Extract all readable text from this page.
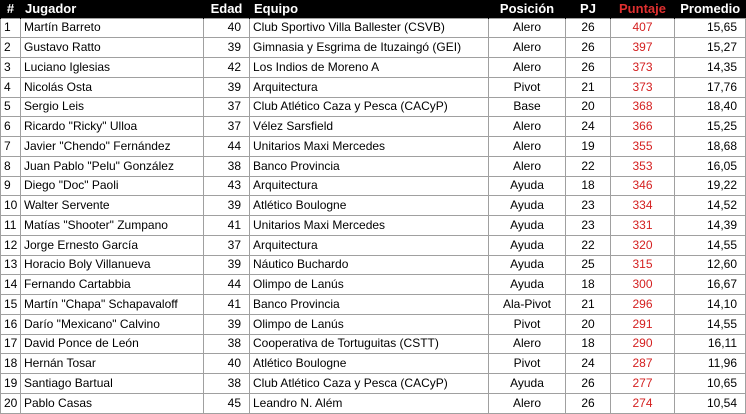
#	Jugador	Edad	Equipo	Posición	PJ	Puntaje	Promedio
1	Martín Barreto	40	Club Sportivo Villa Ballester (CSVB)	Alero	26	407	15,65
2	Gustavo Ratto	39	Gimnasia y Esgrima de Ituzaingó (GEI)	Alero	26	397	15,27
3	Luciano Iglesias	42	Los Indios de Moreno A	Alero	26	373	14,35
4	Nicolás Osta	39	Arquitectura	Pivot	21	373	17,76
5	Sergio Leis	37	Club Atlético Caza y Pesca (CACyP)	Base	20	368	18,40
6	Ricardo "Ricky" Ulloa	37	Vélez Sarsfield	Alero	24	366	15,25
7	Javier "Chendo" Fernández	44	Unitarios Maxi Mercedes	Alero	19	355	18,68
8	Juan Pablo "Pelu" González	38	Banco Provincia	Alero	22	353	16,05
9	Diego "Doc" Paoli	43	Arquitectura	Ayuda	18	346	19,22
10	Walter Servente	39	Atlético Boulogne	Ayuda	23	334	14,52
11	Matías "Shooter" Zumpano	41	Unitarios Maxi Mercedes	Ayuda	23	331	14,39
12	Jorge Ernesto García	37	Arquitectura	Ayuda	22	320	14,55
13	Horacio Boly Villanueva	39	Náutico Buchardo	Ayuda	25	315	12,60
14	Fernando Cartabbia	44	Olimpo de Lanús	Ayuda	18	300	16,67
15	Martín "Chapa" Schapavaloff	41	Banco Provincia	Ala-Pivot	21	296	14,10
16	Darío "Mexicano" Calvino	39	Olimpo de Lanús	Pivot	20	291	14,55
17	David Ponce de León	38	Cooperativa de Tortuguitas (CSTT)	Alero	18	290	16,11
18	Hernán Tosar	40	Atlético Boulogne	Pivot	24	287	11,96
19	Santiago Bartual	38	Club Atlético Caza y Pesca (CACyP)	Ayuda	26	277	10,65
20	Pablo Casas	45	Leandro N. Além	Alero	26	274	10,54
